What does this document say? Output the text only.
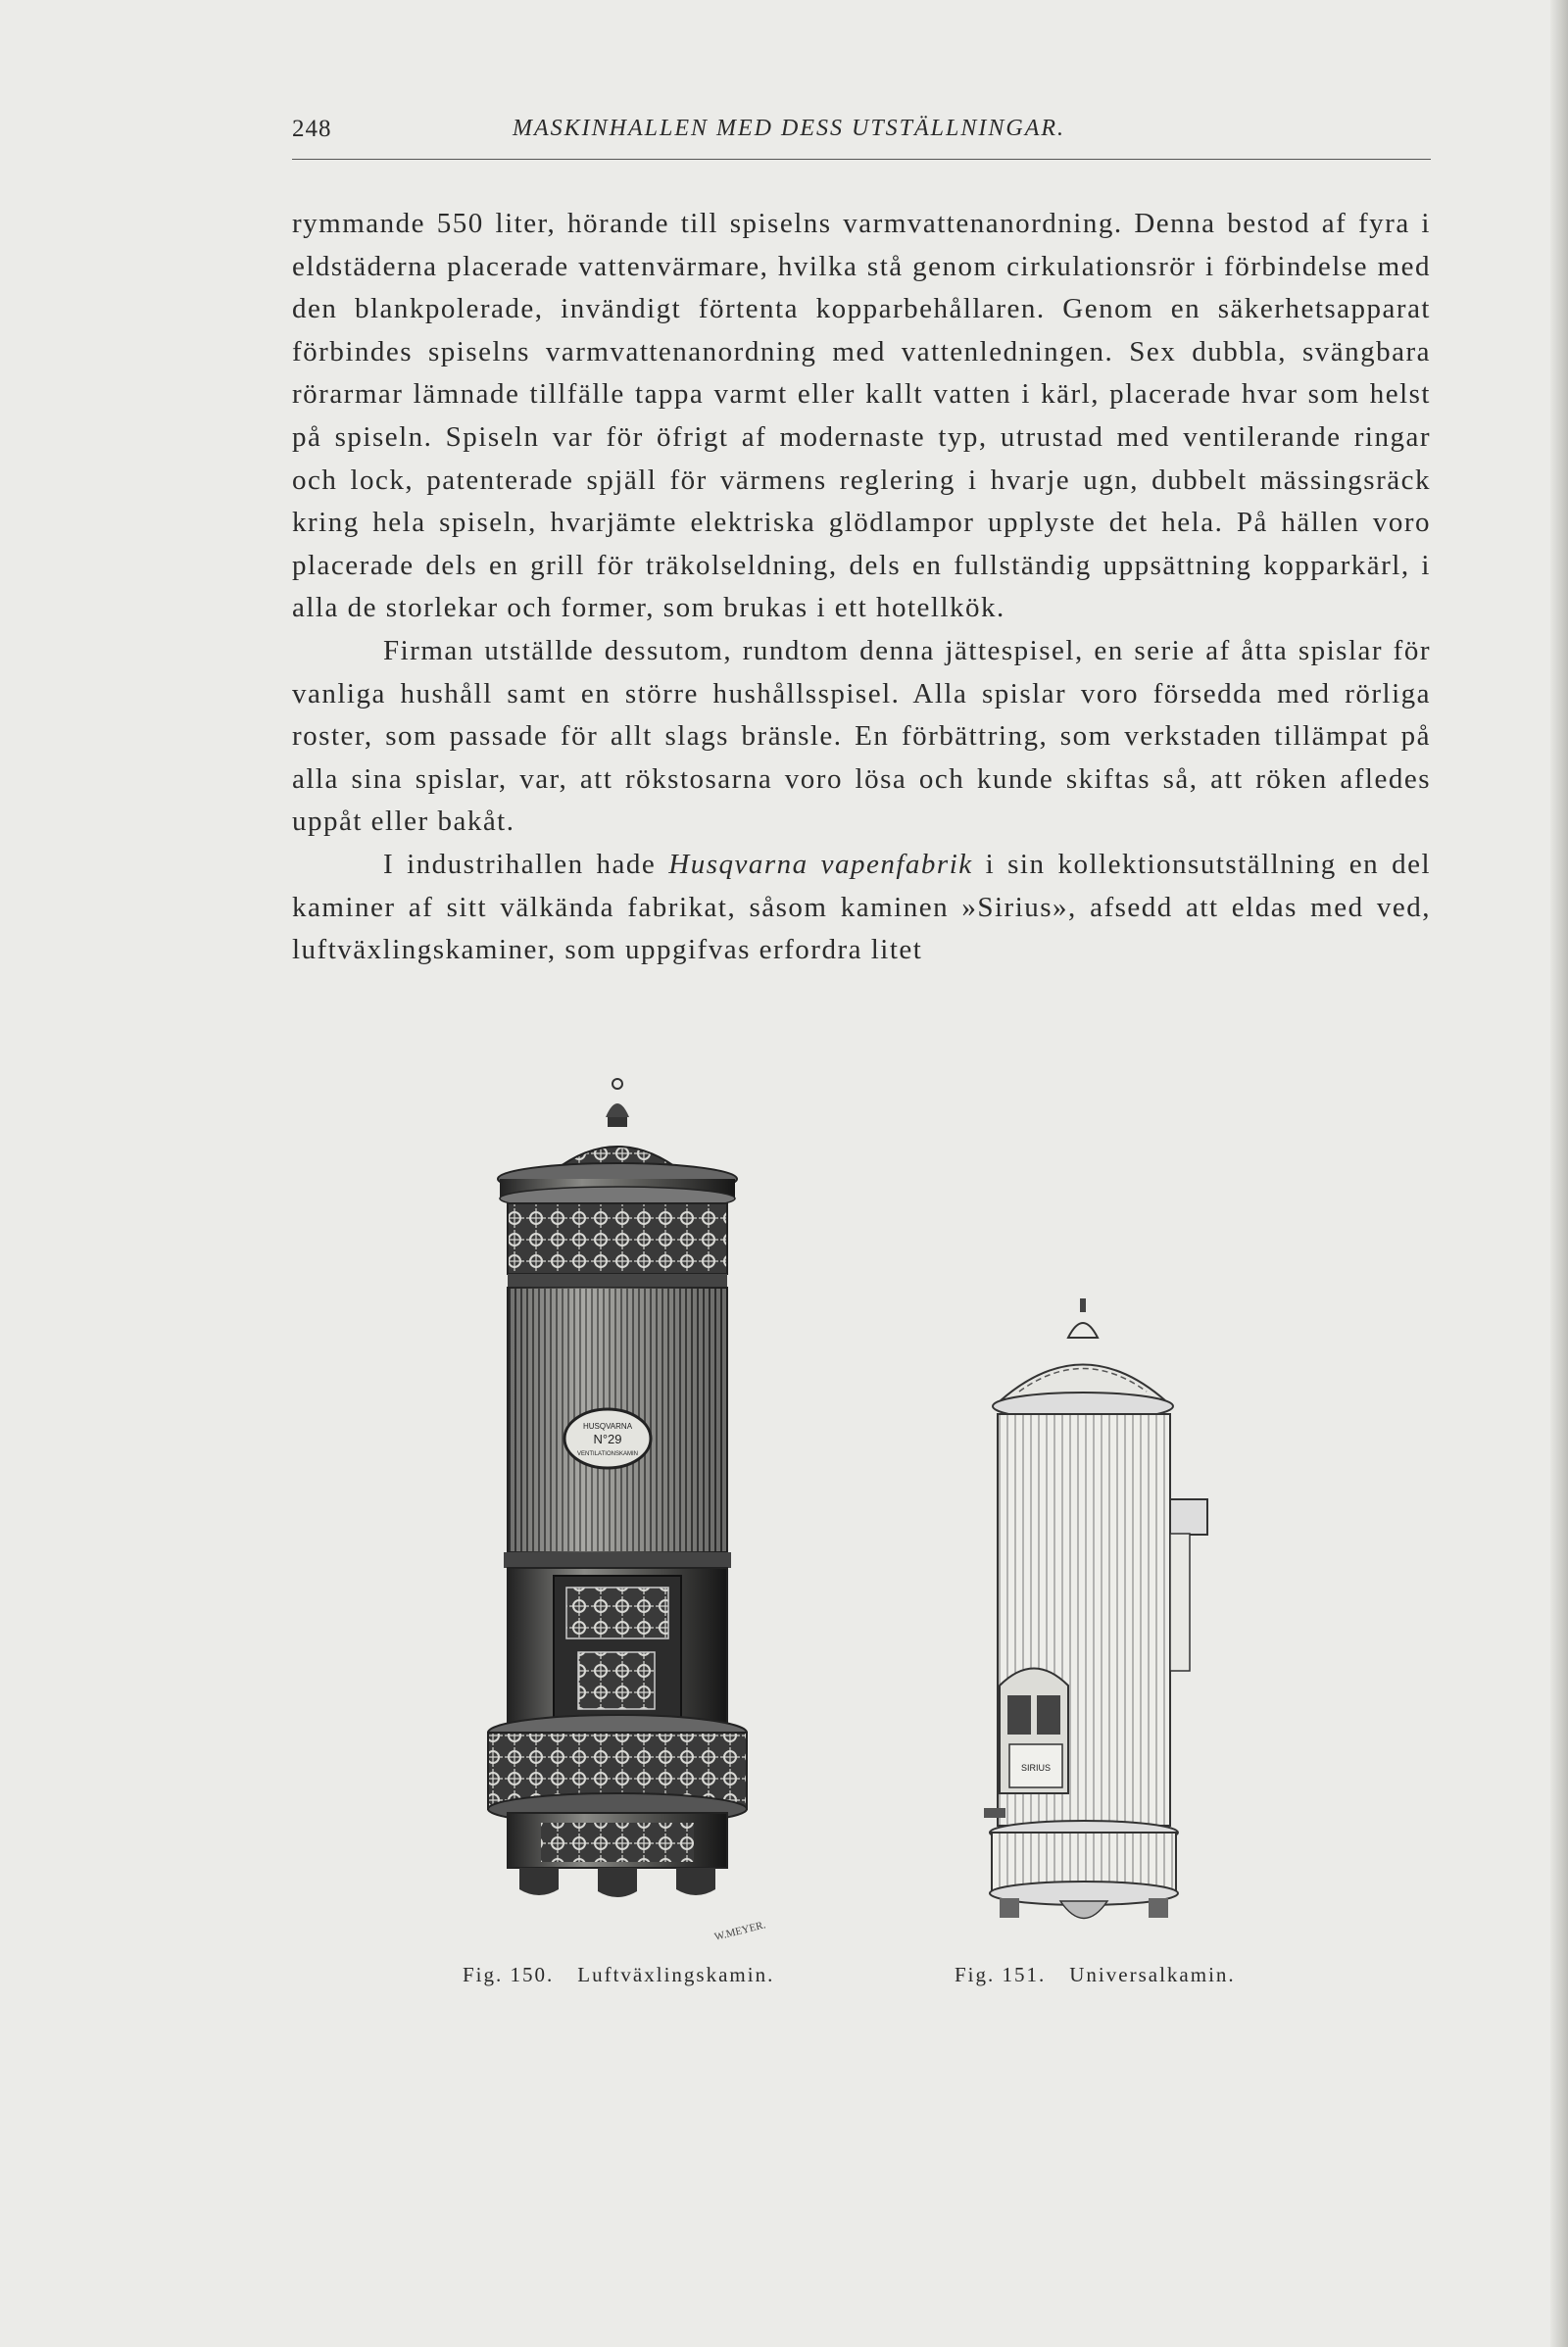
248	MASKINHALLEN MED DESS UTSTÄLLNINGAR.

rymmande 550 liter, hörande till spiselns varmvattenanordning. Denna bestod af fyra i eldstäderna placerade vattenvärmare, hvilka stå genom cirkulationsrör i förbindelse med den blankpolerade, invändigt förtenta kopparbehållaren. Genom en säkerhetsapparat förbindes spiselns varmvattenanordning med vattenledningen. Sex dubbla, svängbara rörarmar lämnade tillfälle tappa varmt eller kallt vatten i kärl, placerade hvar som helst på spiseln. Spiseln var för öfrigt af modernaste typ, utrustad med ventilerande ringar och lock, patenterade spjäll för värmens reglering i hvarje ugn, dubbelt mässingsräck kring hela spiseln, hvarjämte elektriska glödlampor upplyste det hela. På hällen voro placerade dels en grill för träkolseldning, dels en fullständig uppsättning kopparkärl, i alla de storlekar och former, som brukas i ett hotellkök.

Firman utställde dessutom, rundtom denna jättespisel, en serie af åtta spislar för vanliga hushåll samt en större hushållsspisel. Alla spislar voro försedda med rörliga roster, som passade för allt slags bränsle. En förbättring, som verkstaden tillämpat på alla sina spislar, var, att rökstosarna voro lösa och kunde skiftas så, att röken afledes uppåt eller bakåt.

I industrihallen hade Husqvarna vapenfabrik i sin kollektionsutställning en del kaminer af sitt välkända fabrikat, såsom kaminen »Sirius», afsedd att eldas med ved, luftväxlingskaminer, som uppgifvas erfordra litet

HUSQVARNA
N°29
VENTILATIONSKAMIN
W.MEYER.
SIRIUS
Fig. 150. Luftväxlingskamin.	Fig. 151. Universalkamin.
